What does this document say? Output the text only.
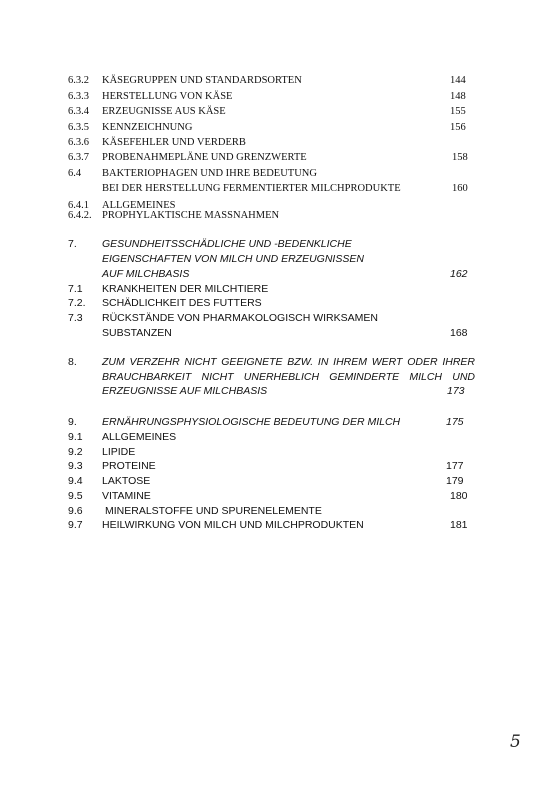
6.3.2 KÄSEGRUPPEN UND STANDARDSORTEN	144
6.3.3 HERSTELLUNG VON KÄSE	148
6.3.4 ERZEUGNISSE AUS KÄSE	155
6.3.5 KENNZEICHNUNG	156
6.3.6 KÄSEFEHLER UND VERDERB
6.3.7 PROBENAHMEPLÄNE UND GRENZWERTE	158
6.4 BAKTERIOPHAGEN UND IHRE BEDEUTUNG
BEI DER HERSTELLUNG FERMENTIERTER MILCHPRODUKTE	160
6.4.1 ALLGEMEINES
6.4.2. PROPHYLAKTISCHE MASSNAHMEN
7. GESUNDHEITSSCHÄDLICHE UND -BEDENKLICHE
EIGENSCHAFTEN VON MILCH UND ERZEUGNISSEN
AUF MILCHBASIS	162
7.1 KRANKHEITEN DER MILCHTIERE
7.2. SCHÄDLICHKEIT DES FUTTERS
7.3 RÜCKSTÄNDE VON PHARMAKOLOGISCH WIRKSAMEN
SUBSTANZEN	168
8. ZUM VERZEHR NICHT GEEIGNETE BZW. IN IHREM WERT ODER IHRER
BRAUCHBARKEIT NICHT UNERHEBLICH GEMINDERTE MILCH UND
ERZEUGNISSE AUF MILCHBASIS	173
9. ERNÄHRUNGSPHYSIOLOGISCHE BEDEUTUNG DER MILCH	175
9.1 ALLGEMEINES
9.2 LIPIDE
9.3 PROTEINE	177
9.4 LAKTOSE	179
9.5 VITAMINE	180
9.6 MINERALSTOFFE UND SPURENELEMENTE
9.7 HEILWIRKUNG VON MILCH UND MILCHPRODUKTEN	181
5
